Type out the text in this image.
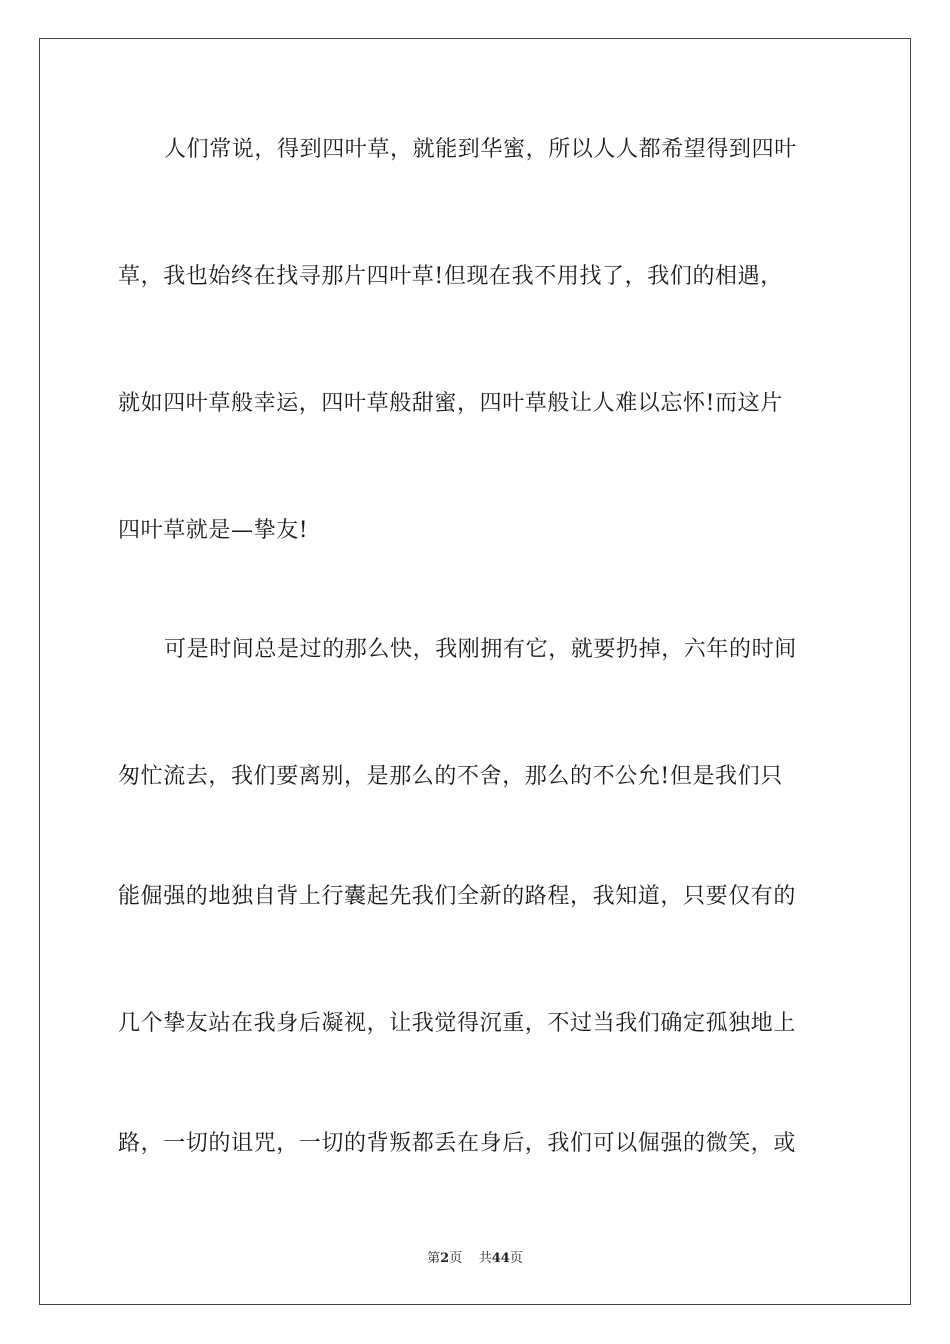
人们常说，得到四叶草，就能到华蜜，所以人人都希望得到四叶
草，我也始终在找寻那片四叶草!但现在我不用找了，我们的相遇，
就如四叶草般幸运，四叶草般甜蜜，四叶草般让人难以忘怀!而这片
四叶草就是—挚友!
可是时间总是过的那么快，我刚拥有它，就要扔掉，六年的时间
匆忙流去，我们要离别，是那么的不舍，那么的不公允!但是我们只
能倔强的地独自背上行囊起先我们全新的路程，我知道，只要仅有的
几个挚友站在我身后凝视，让我觉得沉重，不过当我们确定孤独地上
路，一切的诅咒，一切的背叛都丢在身后，我们可以倔强的微笑，或
第2页 共44页
